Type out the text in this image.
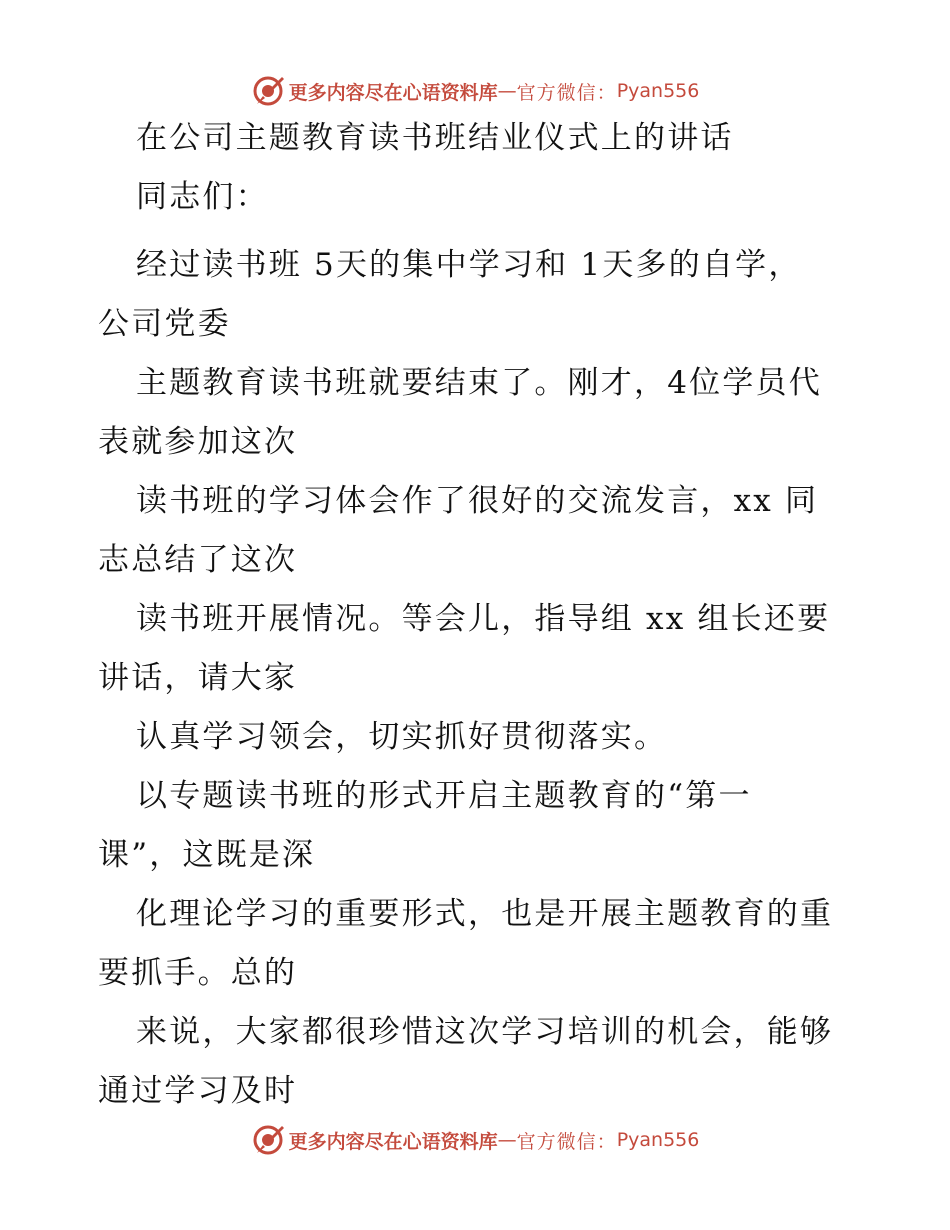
更多内容尽在心语资料库 — 官方微信： Pyan556
在公司主题教育读书班结业仪式上的讲话
同志们：
经过读书班 5天的集中学习和 1天多的自学，
公司党委
主题教育读书班就要结束了。刚才，4位学员代
表就参加这次
读书班的学习体会作了很好的交流发言，xx 同
志总结了这次
读书班开展情况。等会儿，指导组 xx 组长还要
讲话，请大家
认真学习领会，切实抓好贯彻落实。
以专题读书班的形式开启主题教育的“第一
课”，这既是深
化理论学习的重要形式，也是开展主题教育的重
要抓手。总的
来说，大家都很珍惜这次学习培训的机会，能够
通过学习及时
更多内容尽在心语资料库 — 官方微信： Pyan556
